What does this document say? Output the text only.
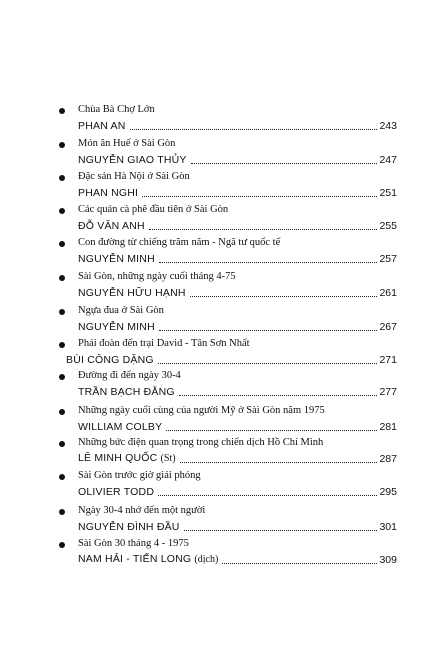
Chùa Bà Chợ Lớn
PHAN AN	243
Món ăn Huế ở Sài Gòn
NGUYỄN GIAO THỦY	247
Đặc sản Hà Nội ở Sài Gòn
PHAN NGHI	251
Các quán cà phê đầu tiên ở Sài Gòn
ĐỖ VĂN ANH	255
Con đường từ chiếng trăm năm - Ngã tư quốc tế
NGUYỄN MINH	257
Sài Gòn, những ngày cuối tháng 4-75
NGUYỄN HỮU HẠNH	261
Ngựa đua ở Sài Gòn
NGUYỄN MINH	267
Phái đoàn đến trại David - Tân Sơn Nhất
BÙI CÔNG DẶNG	271
Đường đi đến ngày 30-4
TRẦN BẠCH ĐẰNG	277
Những ngày cuối cùng của người Mỹ ở Sài Gòn năm 1975
WILLIAM COLBY	281
Những bức điện quan trọng trong chiến dịch Hồ Chí Minh
LÊ MINH QUỐC (St)	287
Sài Gòn trước giờ giải phóng
OLIVIER TODD	295
Ngày 30-4 nhớ đến một người
NGUYỄN ĐÌNH ĐẦU	301
Sài Gòn 30 tháng 4 - 1975
NAM HẢI - TIẾN LONG (dịch)	309
